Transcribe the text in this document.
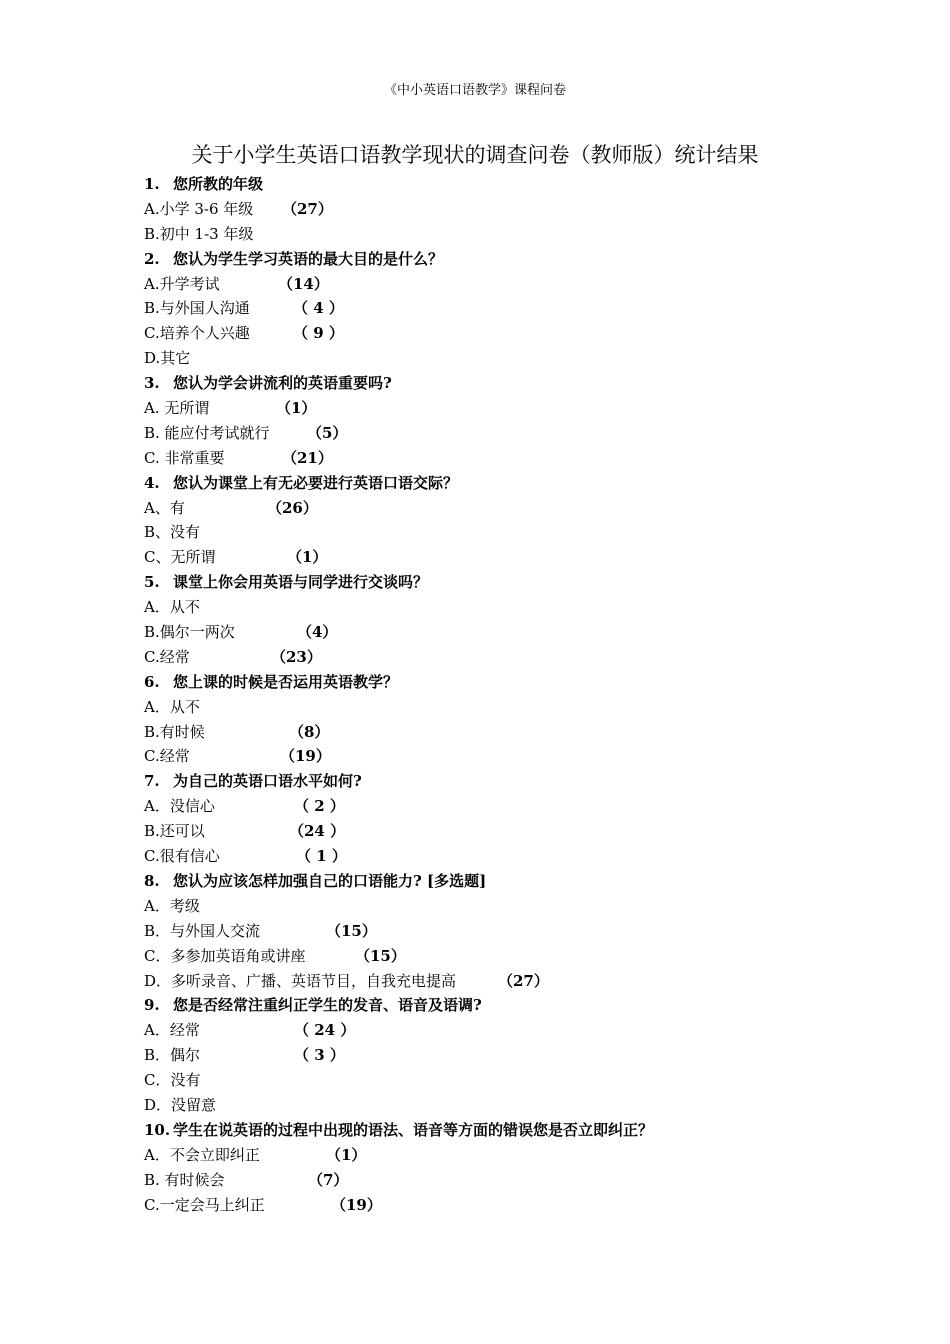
《中小英语口语教学》课程问卷
关于小学生英语口语教学现状的调查问卷（教师版）统计结果
1. 您所教的年级
A.小学 3-6 年级 （27）
B.初中 1-3 年级
2. 您认为学生学习英语的最大目的是什么？
A.升学考试	（14）
B.与外国人沟通	（ 4 ）
C.培养个人兴趣	（ 9 ）
D.其它
3. 您认为学会讲流利的英语重要吗?
A. 无所谓	（1）
B. 能应付考试就行 （5）
C. 非常重要	（21）
4. 您认为课堂上有无必要进行英语口语交际？
A、有	（26）
B、没有
C、无所谓	（1）
5. 课堂上你会用英语与同学进行交谈吗？
A．从不
B.偶尔一两次	（4）
C.经常	（23）
6. 您上课的时候是否运用英语教学？
A．从不
B.有时候	（8）
C.经常	（19）
7. 为自己的英语口语水平如何?
A．没信心	（ 2 ）
B.还可以	（24 ）
C.很有信心	（ 1 ）
8. 您认为应该怎样加强自己的口语能力? [多选题]
A．考级
B．与外国人交流	（15）
C．多参加英语角或讲座	（15）
D．多听录音、广播、英语节目，自我充电提高	（27）
9. 您是否经常注重纠正学生的发音、语音及语调?
A．经常	（ 24 ）
B．偶尔	（ 3 ）
C．没有
D．没留意
10. 学生在说英语的过程中出现的语法、语音等方面的错误您是否立即纠正？
A．不会立即纠正	（1）
B. 有时候会	（7）
C.一定会马上纠正	（19）
